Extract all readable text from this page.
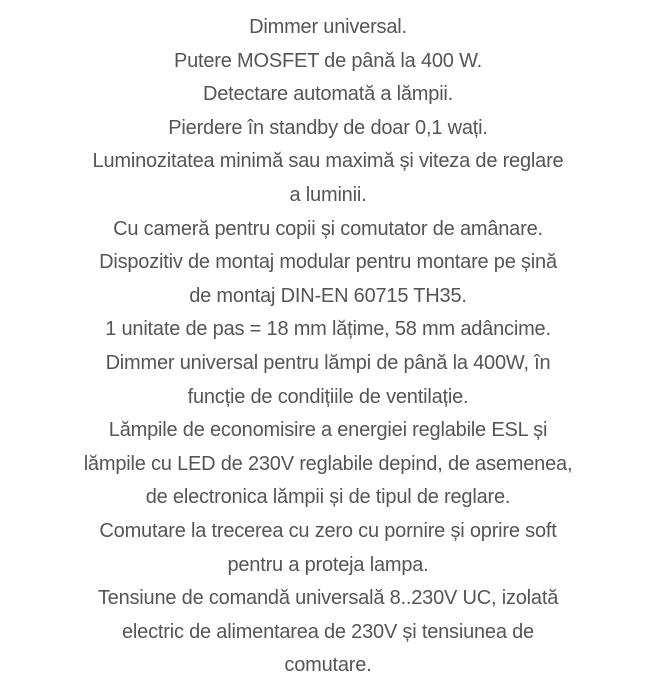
Dimmer universal.
Putere MOSFET de până la 400 W.
Detectare automată a lămpii.
Pierdere în standby de doar 0,1 wați.
Luminozitatea minimă sau maximă și viteza de reglare
a luminii.
Cu cameră pentru copii și comutator de amânare.
Dispozitiv de montaj modular pentru montare pe șină
de montaj DIN-EN 60715 TH35.
1 unitate de pas = 18 mm lățime, 58 mm adâncime.
Dimmer universal pentru lămpi de până la 400W, în
funcție de condițiile de ventilație.
Lămpile de economisire a energiei reglabile ESL și
lămpile cu LED de 230V reglabile depind, de asemenea,
de electronica lămpii și de tipul de reglare.
Comutare la trecerea cu zero cu pornire și oprire soft
pentru a proteja lampa.
Tensiune de comandă universală 8..230V UC, izolată
electric de alimentarea de 230V și tensiunea de
comutare.
